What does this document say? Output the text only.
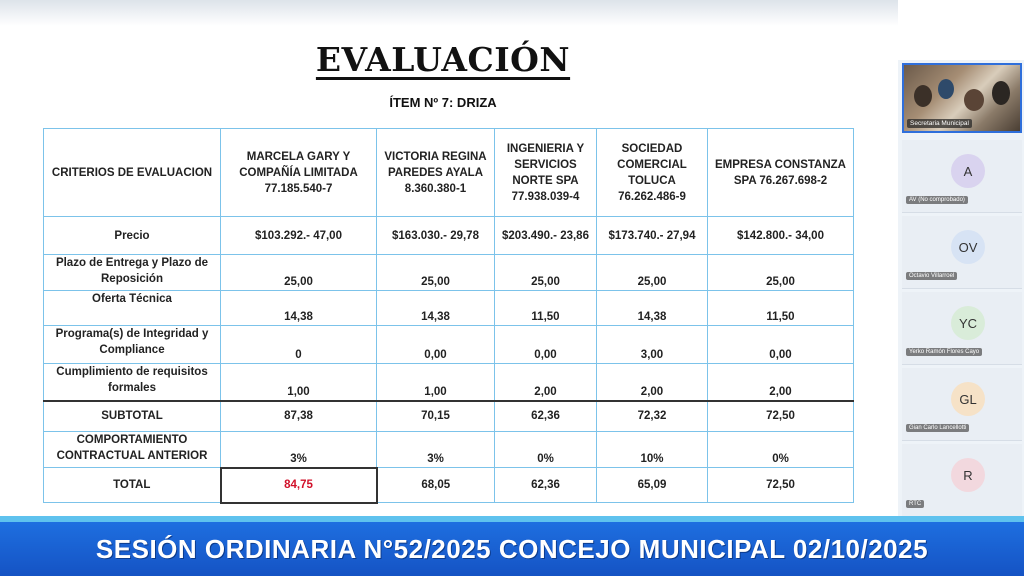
EVALUACIÓN
ÍTEM Nº 7: DRIZA
CRITERIOS DE EVALUACION	MARCELA GARY Y COMPAÑÍA LIMITADA 77.185.540-7	VICTORIA REGINA PAREDES AYALA 8.360.380-1	INGENIERIA Y SERVICIOS NORTE SPA 77.938.039-4	SOCIEDAD COMERCIAL TOLUCA 76.262.486-9	EMPRESA CONSTANZA SPA 76.267.698-2
Precio	$103.292.- 47,00	$163.030.- 29,78	$203.490.- 23,86	$173.740.- 27,94	$142.800.- 34,00
Plazo de Entrega y Plazo de Reposición	25,00	25,00	25,00	25,00	25,00
Oferta Técnica	14,38	14,38	11,50	14,38	11,50
Programa(s) de Integridad y Compliance	0	0,00	0,00	3,00	0,00
Cumplimiento de requisitos formales	1,00	1,00	2,00	2,00	2,00
SUBTOTAL	87,38	70,15	62,36	72,32	72,50
COMPORTAMIENTO CONTRACTUAL ANTERIOR	3%	3%	0%	10%	0%
TOTAL	84,75	68,05	62,36	65,09	72,50
Secretaria Municipal
A
AV (No comprobado)
OV
Octavio Villarroel
YC
Yerko Ramón Flores Cayo
GL
Gian Carlo Lancellotti
R
RTC
SESIÓN ORDINARIA N°52/2025 CONCEJO MUNICIPAL 02/10/2025
